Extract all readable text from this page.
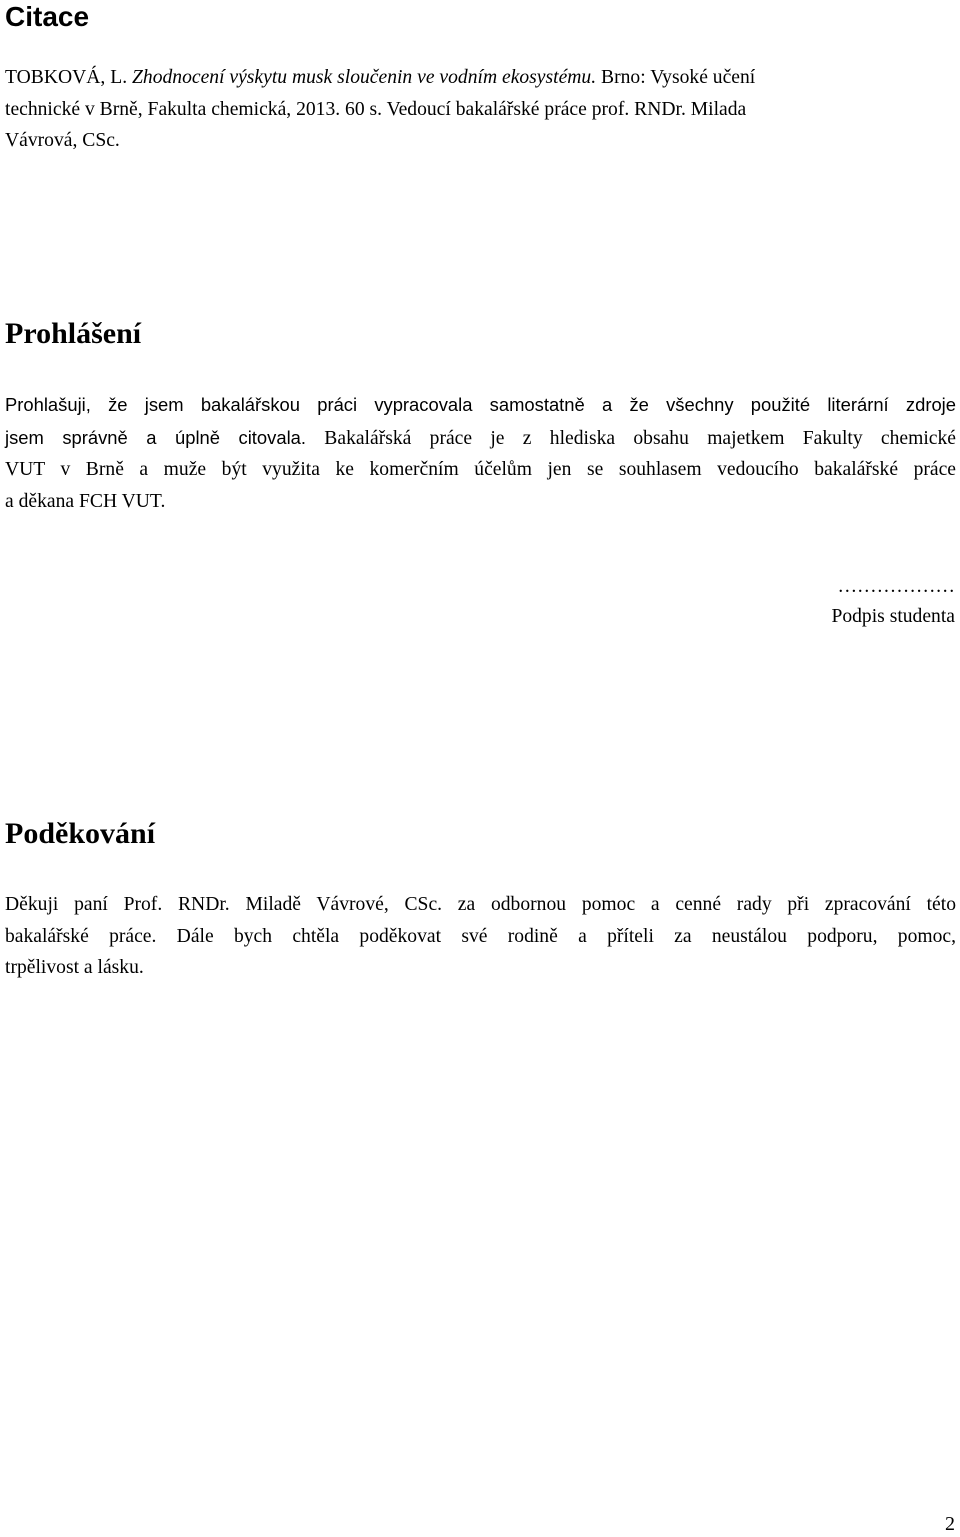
Citace
TOBKOVÁ, L. Zhodnocení výskytu musk sloučenin ve vodním ekosystému. Brno: Vysoké učení
technické v Brně, Fakulta chemická, 2013. 60 s. Vedoucí bakalářské práce prof. RNDr. Milada
Vávrová, CSc.
Prohlášení
Prohlašuji, že jsem bakalářskou práci vypracovala samostatně a že všechny použité literární zdroje
jsem správně a úplně citovala. Bakalářská práce je z hlediska obsahu majetkem Fakulty chemické
VUT v Brně a muže být využita ke komerčním účelům jen se souhlasem vedoucího bakalářské práce
a děkana FCH VUT.
………………
Podpis studenta
Poděkování
Děkuji paní Prof. RNDr. Miladě Vávrové, CSc. za odbornou pomoc a cenné rady při zpracování této
bakalářské práce. Dále bych chtěla poděkovat své rodině a příteli za neustálou podporu, pomoc,
trpělivost a lásku.
2
